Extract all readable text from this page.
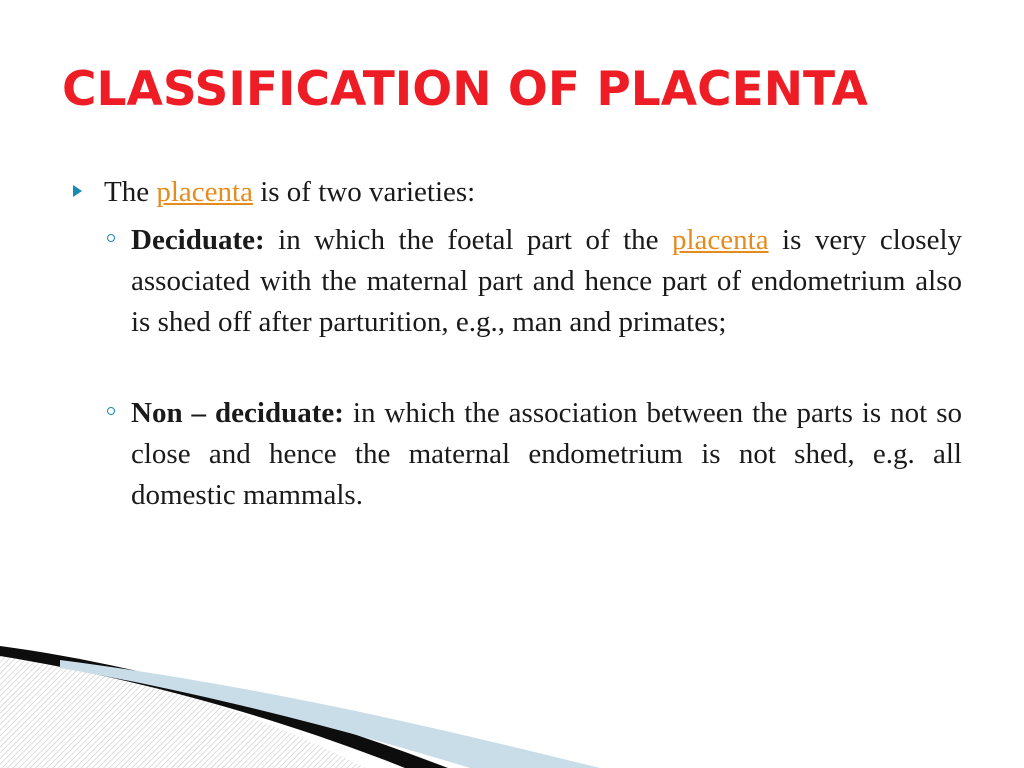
CLASSIFICATION OF PLACENTA
The placenta is of two varieties:
Deciduate: in which the foetal part of the placenta is very closely associated with the maternal part and hence part of endometrium also is shed off after parturition, e.g., man and primates;
Non – deciduate: in which the association between the parts is not so close and hence the maternal endometrium is not shed, e.g. all domestic mammals.
